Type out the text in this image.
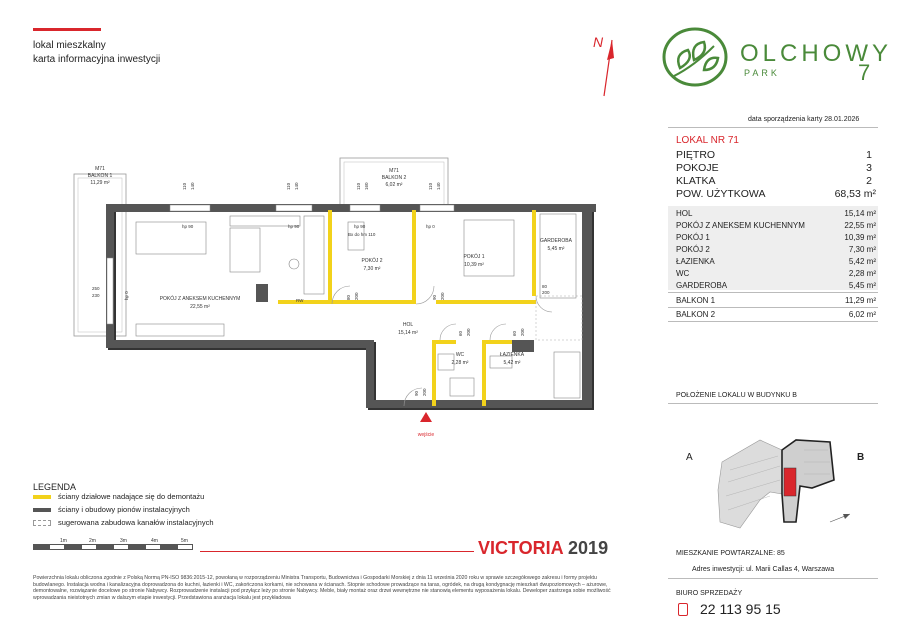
lokal mieszkalny
karta informacyjna inwestycji
N	OLCHOWY
PARK	7
data sporządzenia karty 28.01.2026
LOKAL NR 71
PIĘTRO	1
POKOJE	3
KLATKA	2
POW. UŻYTKOWA	68,53 m²
HOL	15,14 m²
POKÓJ Z ANEKSEM KUCHENNYM	22,55 m²
POKÓJ 1	10,39 m²
POKÓJ 2	7,30 m²
ŁAZIENKA	5,42 m²
WC	2,28 m²
GARDEROBA	5,45 m²
BALKON 1	11,29 m²
BALKON 2	6,02 m²
POŁOŻENIE LOKALU W BUDYNKU B
A	B
MIESZKANIE POWTARZALNE: 85
Adres inwestycji: ul. Marii Callas 4, Warszawa
BIURO SPRZEDAŻY
22 113 95 15
M71
BALKON 1
11,29 m²
M71
BALKON 2
6,02 m²
POKÓJ Z ANEKSEM KUCHENNYM
22,55 m²
POKÓJ 2
7,30 m²
POKÓJ 1
10,39 m²
GARDEROBA
5,45 m²
HOL
15,14 m²
WC
2,28 m²
ŁAZIENKA
5,42 m²
wejście
110 140	110 140	110 160	110 140
hp 90	hp 90	hp 90	hp 0
Bx do hm 110
hp 0
250
230
RW
80 200	90 200
80
200
60 200	60 200
90 200
LEGENDA
ściany działowe nadające się do demontażu
ściany i obudowy pionów instalacyjnych
sugerowana zabudowa kanałów instalacyjnych
1m	2m	3m	4m	5m	VICTORIA 2019
Powierzchnia lokalu obliczona zgodnie z Polską Normą PN-ISO 9836:2015-12, powołaną w rozporządzeniu Ministra Transportu, Budownictwa i Gospodarki Morskiej z dnia 11 września 2020 roku w sprawie szczegółowego zakresu i formy projektu budowlanego. Instalacja wodna i kanalizacyjna doprowadzona do kuchni, łazienki i WC, zakończona korkami, nie schowana w ścianach. Stopnie schodowe prowadzące na taras, ogródek, na drugą kondygnację mieszkań dwupoziomowych – ażurowe, demontowalne, rozwiązanie docelowe po stronie Nabywcy. Rozprowadzenie instalacji pod przyłącz leży po stronie Nabywcy. Meble, biały montaż oraz drzwi wewnętrzne nie stanowią elementu wyposażenia lokalu. Deweloper zastrzega sobie możliwość wprowadzania nieistotnych zmian w dalszym etapie inwestycji. Przedstawiona aranżacja lokalu jest przykładowa
